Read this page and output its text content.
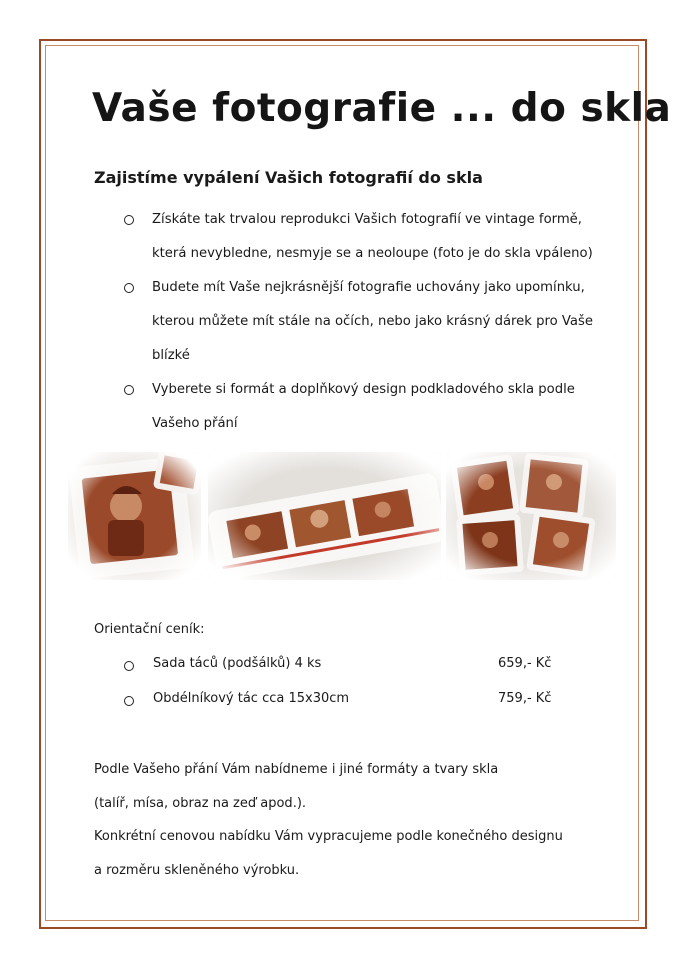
Vaše fotografie ... do skla
Zajistíme vypálení Vašich fotografií do skla
Získáte tak trvalou reprodukci Vašich fotografií ve vintage formě, která nevybledne, nesmyje se a neoloupe (foto je do skla vpáleno)
Budete mít Vaše nejkrásnější fotografie uchovány jako upomínku, kterou můžete mít stále na očích, nebo jako krásný dárek pro Vaše blízké
Vyberete si formát a doplňkový design podkladového skla podle Vašeho přání
Orientační ceník:
Sada táců (podšálků) 4 ks	659,- Kč
Obdélníkový tác cca 15x30cm	759,- Kč
Podle Vašeho přání Vám nabídneme i jiné formáty a tvary skla
(talíř, mísa, obraz na zeď apod.).
Konkrétní cenovou nabídku Vám vypracujeme podle konečného designu
a rozměru skleněného výrobku.
